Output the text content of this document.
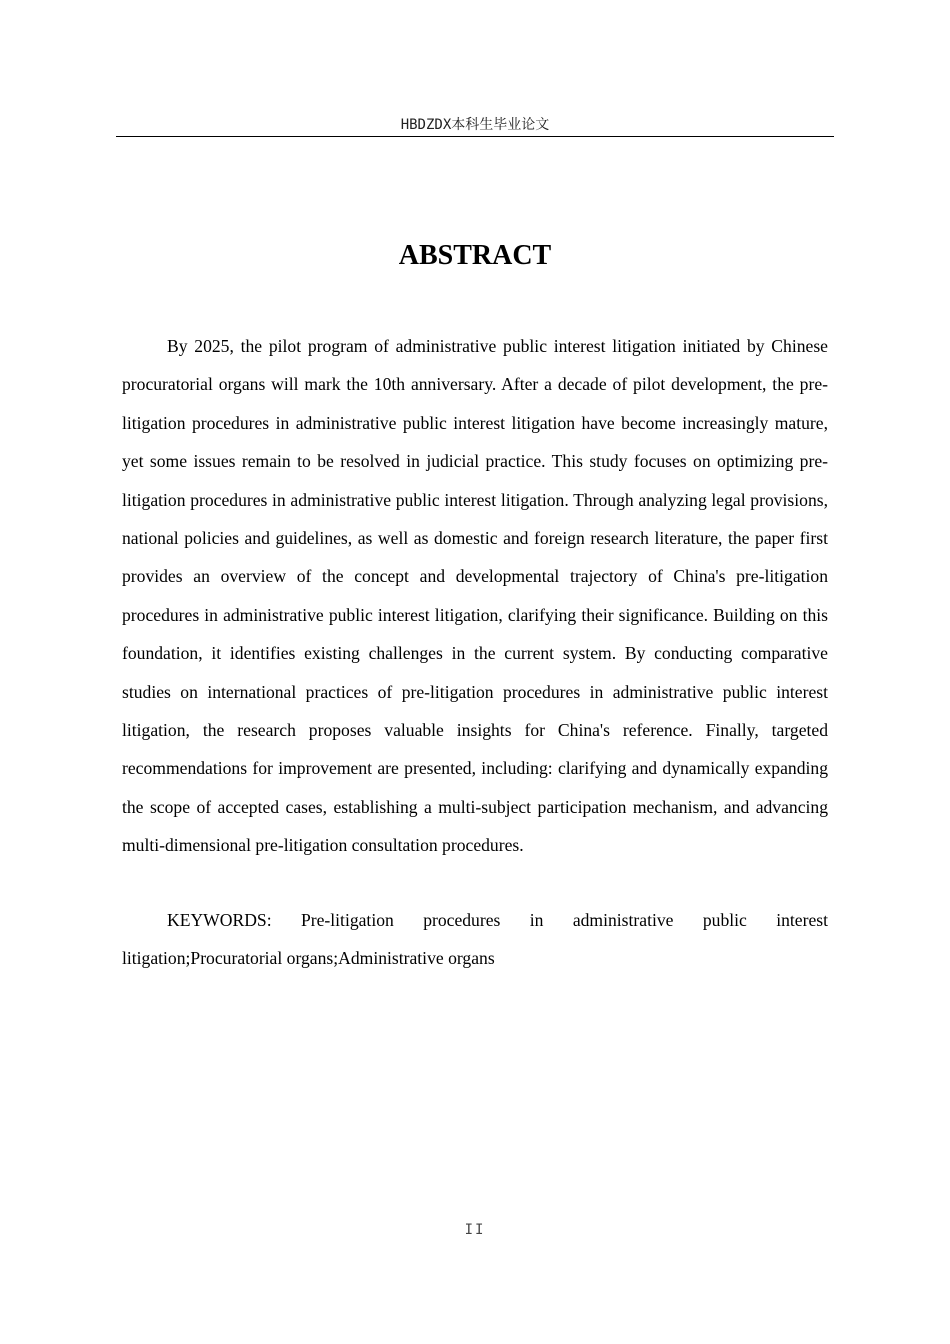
HBDZDX本科生毕业论文
ABSTRACT

By 2025, the pilot program of administrative public interest litigation initiated by Chinese procuratorial organs will mark the 10th anniversary. After a decade of pilot development, the pre-litigation procedures in administrative public interest litigation have become increasingly mature, yet some issues remain to be resolved in judicial practice. This study focuses on optimizing pre-litigation procedures in administrative public interest litigation. Through analyzing legal provisions, national policies and guidelines, as well as domestic and foreign research literature, the paper first provides an overview of the concept and developmental trajectory of China's pre-litigation procedures in administrative public interest litigation, clarifying their significance. Building on this foundation, it identifies existing challenges in the current system. By conducting comparative studies on international practices of pre-litigation procedures in administrative public interest litigation, the research proposes valuable insights for China's reference. Finally, targeted recommendations for improvement are presented, including: clarifying and dynamically expanding the scope of accepted cases, establishing a multi-subject participation mechanism, and advancing multi-dimensional pre-litigation consultation procedures.

KEYWORDS: Pre-litigation procedures in administrative public interest litigation;Procuratorial organs;Administrative organs

II
